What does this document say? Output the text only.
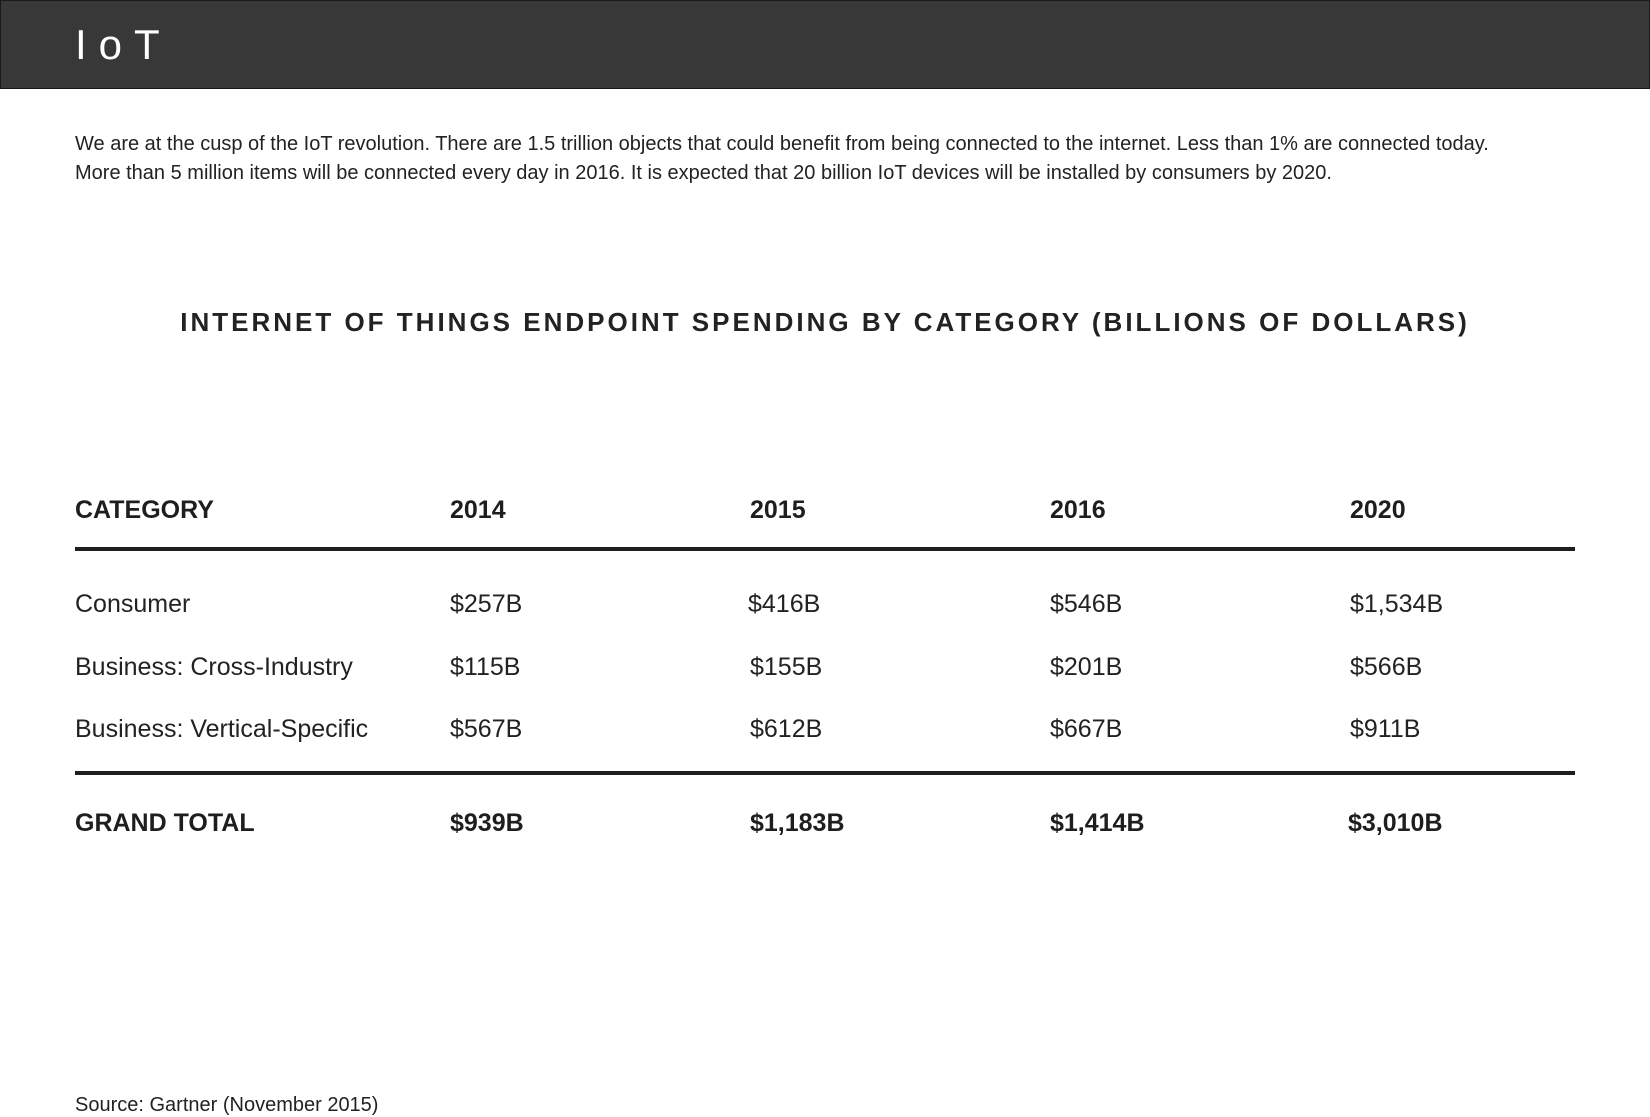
IoT

We are at the cusp of the IoT revolution. There are 1.5 trillion objects that could benefit from being connected to the internet. Less than 1% are connected today.
More than 5 million items will be connected every day in 2016. It is expected that 20 billion IoT devices will be installed by consumers by 2020.

INTERNET OF THINGS ENDPOINT SPENDING BY CATEGORY (BILLIONS OF DOLLARS)
CATEGORY	2014	2015	2016	2020
Consumer	$257B	$416B	$546B	$1,534B
Business: Cross-Industry	$115B	$155B	$201B	$566B
Business: Vertical-Specific	$567B	$612B	$667B	$911B
GRAND TOTAL	$939B	$1,183B	$1,414B	$3,010B
Source: Gartner (November 2015)
